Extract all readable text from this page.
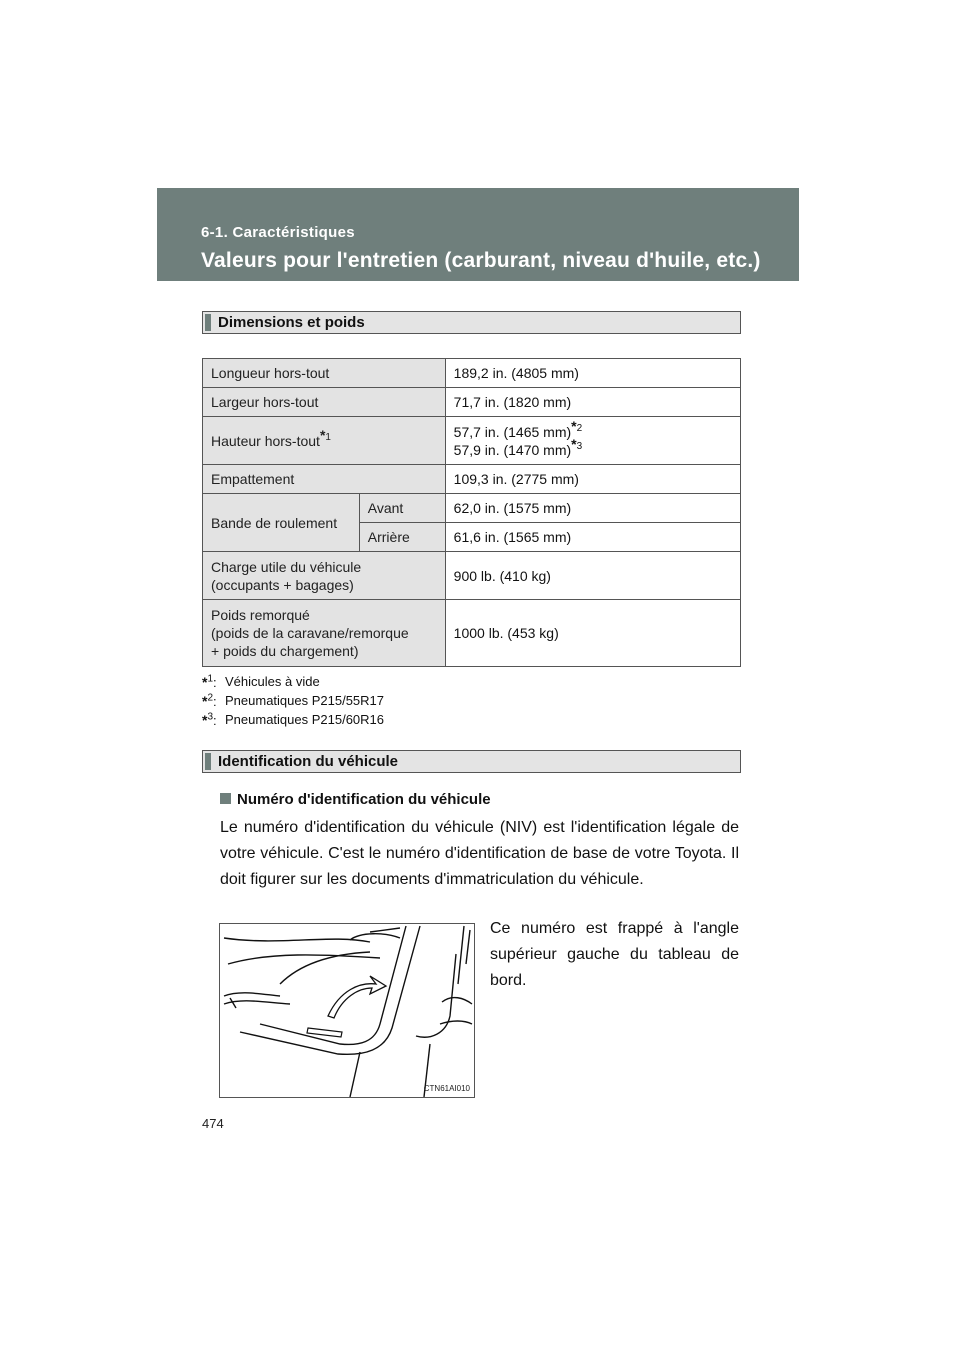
6-1. Caractéristiques
Valeurs pour l'entretien (carburant, niveau d'huile, etc.)
Dimensions et poids
Longueur hors-tout		189,2 in. (4805 mm)
Largeur hors-tout		71,7 in. (1820 mm)
Hauteur hors-tout$^{*1}$		57,7 in. (1465 mm)$^{*2}$
57,9 in. (1470 mm)$^{*3}$

Empattement		109,3 in. (2775 mm)
Bande de roulement	Avant	62,0 in. (1575 mm)
	Arrière	61,6 in. (1565 mm)

Charge utile du véhicule
(occupants + bagages)		900 lb. (410 kg)

Poids remorqué
(poids de la caravane/remorque
+ poids du chargement)		1000 lb. (453 kg)
*$^1$: Véhicules à vide
*$^2$: Pneumatiques P215/55R17
*$^3$: Pneumatiques P215/60R16
Identification du véhicule
Numéro d'identification du véhicule
Le numéro d'identification du véhicule (NIV) est l'identification légale de votre véhicule. C'est le numéro d'identification de base de votre Toyota. Il doit figurer sur les documents d'immatriculation du véhicule.
CTN61AI010
Ce numéro est frappé à l'angle supérieur gauche du tableau de bord.
474
